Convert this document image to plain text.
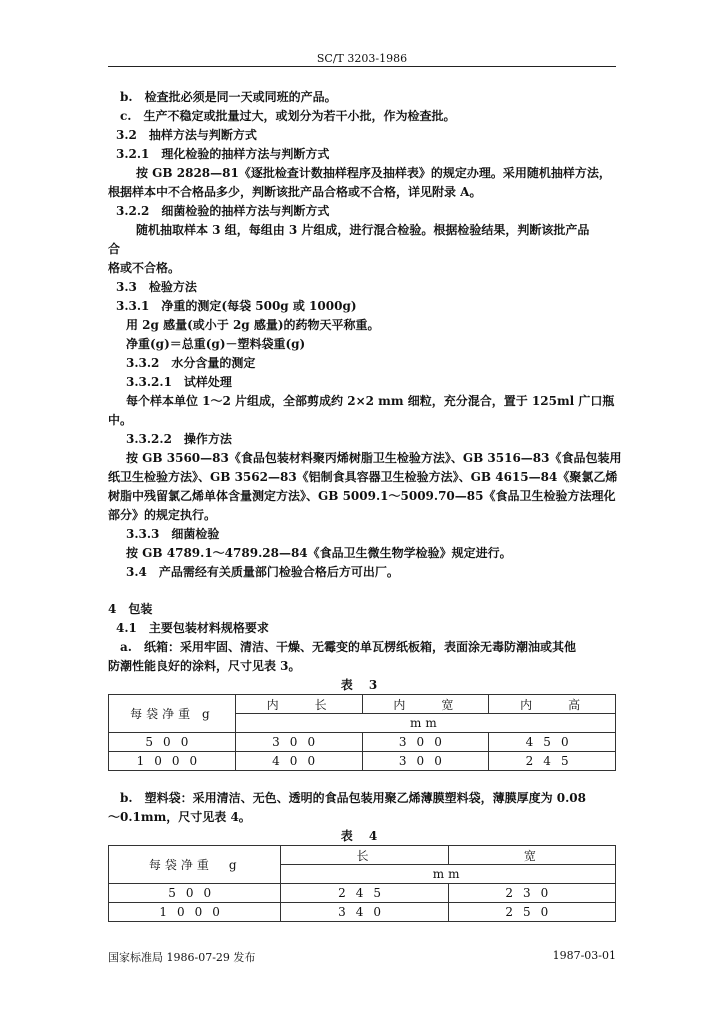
SC/T 3203-1986
b.　检查批必须是同一天或同班的产品。
c.　生产不稳定或批量过大，或划分为若干小批，作为检查批。
3.2　抽样方法与判断方式
3.2.1　理化检验的抽样方法与判断方式
按 GB 2828—81《逐批检查计数抽样程序及抽样表》的规定办理。采用随机抽样方法，
根据样本中不合格品多少，判断该批产品合格或不合格，详见附录 A。
3.2.2　细菌检验的抽样方法与判断方式
随机抽取样本 3 组，每组由 3 片组成，进行混合检验。根据检验结果，判断该批产品
合
格或不合格。
3.3　检验方法
3.3.1　净重的测定(每袋 500g 或 1000g)
用 2g 感量(或小于 2g 感量)的药物天平称重。
净重(g)＝总重(g)－塑料袋重(g)
3.3.2　水分含量的测定
3.3.2.1　试样处理
每个样本单位 1～2 片组成，全部剪成约 2×2 mm 细粒，充分混合，置于 125ml 广口瓶
中。
3.3.2.2　操作方法
按 GB 3560—83《食品包装材料聚丙烯树脂卫生检验方法》、GB 3516—83《食品包装用
纸卫生检验方法》、GB 3562—83《铝制食具容器卫生检验方法》、GB 4615—84《聚氯乙烯
树脂中残留氯乙烯单体含量测定方法》、GB 5009.1～5009.70—85《食品卫生检验方法理化
部分》的规定执行。
3.3.3　细菌检验
按 GB 4789.1～4789.28—84《食品卫生微生物学检验》规定进行。
3.4　产品需经有关质量部门检验合格后方可出厂。
4　包装
4.1　主要包装材料规格要求
a.　纸箱：采用牢固、清洁、干燥、无霉变的单瓦楞纸板箱，表面涂无毒防潮油或其他
防潮性能良好的涂料，尺寸见表 3。
表 3
每袋净重 g	内　　长	内　　宽	内　　高
	mm		
500	300	300	450
1000	400	300	245
b.　塑料袋：采用清洁、无色、透明的食品包装用聚乙烯薄膜塑料袋，薄膜厚度为 0.08
～0.1mm，尺寸见表 4。
表 4
每袋净重　g	长	宽
	mm	
500	245	230
1000	340	250
国家标准局 1986-07-29 发布	1987-03-01
